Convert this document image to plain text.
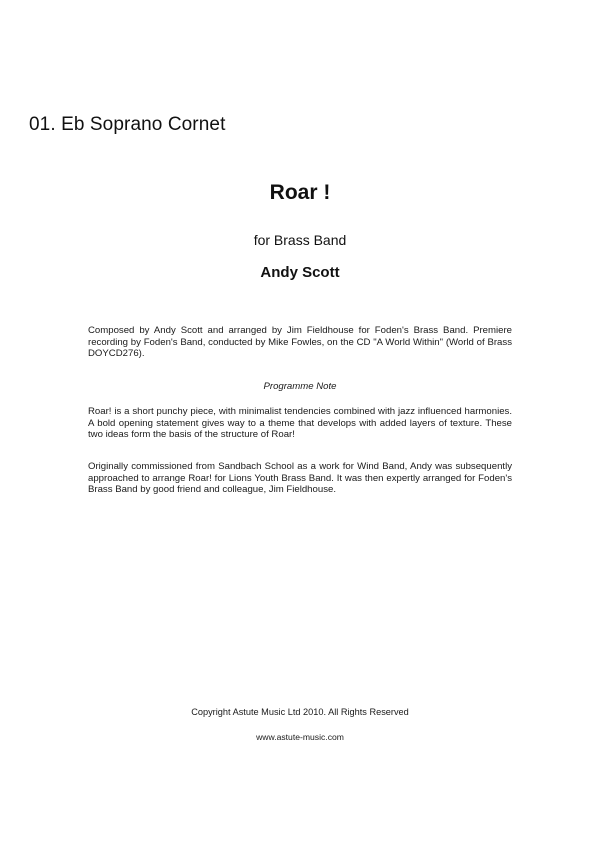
01. Eb Soprano Cornet
Roar !
for Brass Band
Andy Scott
Composed by Andy Scott and arranged by Jim Fieldhouse for Foden's Brass Band. Premiere recording by Foden's Band, conducted by Mike Fowles, on the CD "A World Within" (World of Brass DOYCD276).
Programme Note
Roar! is a short punchy piece, with minimalist tendencies combined with jazz influenced harmonies. A bold opening statement gives way to a theme that develops with added layers of texture. These two ideas form the basis of the structure of Roar!
Originally commissioned from Sandbach School as a work for Wind Band, Andy was subsequently approached to arrange Roar! for Lions Youth Brass Band. It was then expertly arranged for Foden's Brass Band by good friend and colleague, Jim Fieldhouse.
Copyright Astute Music Ltd 2010. All Rights Reserved
www.astute-music.com
